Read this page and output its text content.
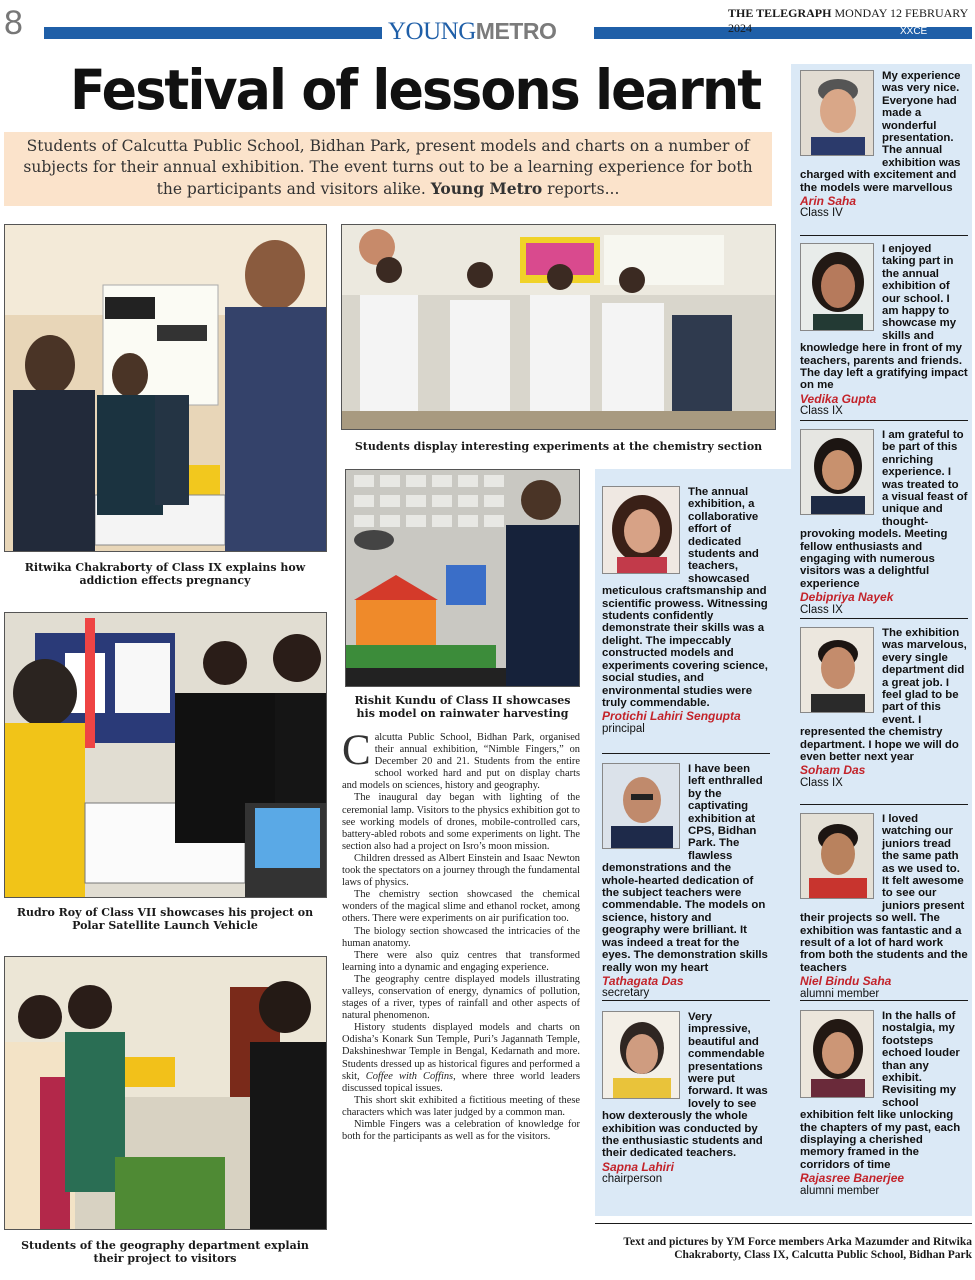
8	YOUNGMETRO
THE TELEGRAPH MONDAY 12 FEBRUARY 2024	XXCE
Festival of lessons learnt
Students of Calcutta Public School, Bidhan Park, present models and charts on a number of subjects for their annual exhibition. The event turns out to be a learning experience for both the participants and visitors alike. Young Metro reports...
Ritwika Chakraborty of Class IX explains how addiction effects pregnancy
Students display interesting experiments at the chemistry section
Rishit Kundu of Class II showcases his model on rainwater harvesting
Rudro Roy of Class VII showcases his project on Polar Satellite Launch Vehicle
Students of the geography department explain their project to visitors

Calcutta Public School, Bidhan Park, organised their annual exhibition, “Nimble Fingers,” on December 20 and 21. Students from the entire school worked hard and put on display charts and models on sciences, history and geography.

The inaugural day began with lighting of the ceremonial lamp. Visitors to the physics exhibition got to see working models of drones, mobile-controlled cars, battery-abled robots and some experiments on light. The section also had a project on Isro’s moon mission.

Children dressed as Albert Einstein and Isaac Newton took the spectators on a journey through the fundamental laws of physics.

The chemistry section showcased the chemical wonders of the magical slime and ethanol rocket, among others. There were experiments on air purification too.

The biology section showcased the intricacies of the human anatomy.

There were also quiz centres that transformed learning into a dynamic and engaging experience.

The geography centre displayed models illustrating valleys, conservation of energy, dynamics of pollution, stages of a river, types of rainfall and other aspects of natural phenomenon.

History students displayed models and charts on Odisha’s Konark Sun Temple, Puri’s Jagannath Temple, Dakshineshwar Temple in Bengal, Kedarnath and more. Students dressed up as historical figures and performed a skit, Coffee with Coffins, where three world leaders discussed topical issues.

This short skit exhibited a fictitious meeting of these characters which was later judged by a common man.

Nimble Fingers was a celebration of knowledge for both for the participants as well as for the visitors.

The annual exhibition, a collaborative effort of dedicated students and teachers, showcased meticulous craftsmanship and scientific prowess. Witnessing students confidently demonstrate their skills was a delight. The impeccably constructed models and experiments covering science, social studies, and environmental studies were truly commendable.
Protichi Lahiri Sengupta
principal
I have been left enthralled by the captivating exhibition at CPS, Bidhan Park. The flawless demonstrations and the whole-hearted dedication of the subject teachers were commendable. The models on science, history and geography were brilliant. It was indeed a treat for the eyes. The demonstration skills really won my heart
Tathagata Das
secretary
Very impressive, beautiful and commendable presentations were put forward. It was lovely to see how dexterously the whole exhibition was conducted by the enthusiastic students and their dedicated teachers.
Sapna Lahiri
chairperson
My experience was very nice. Everyone had made a wonderful presentation. The annual exhibition was charged with excitement and the models were marvellous
Arin Saha
Class IV
I enjoyed taking part in the annual exhibition of our school. I am happy to showcase my skills and knowledge here in front of my teachers, parents and friends. The day left a gratifying impact on me
Vedika Gupta
Class IX
I am grateful to be part of this enriching experience. I was treated to a visual feast of unique and thought-provoking models. Meeting fellow enthusiasts and engaging with numerous visitors was a delightful experience
Debipriya Nayek
Class IX
The exhibition was marvelous, every single department did a great job. I feel glad to be part of this event. I represented the chemistry department. I hope we will do even better next year
Soham Das
Class IX
I loved watching our juniors tread the same path as we used to. It felt awesome to see our juniors present their projects so well. The exhibition was fantastic and a result of a lot of hard work from both the students and the teachers
Niel Bindu Saha
alumni member
In the halls of nostalgia, my footsteps echoed louder than any exhibit. Revisiting my school exhibition felt like unlocking the chapters of my past, each displaying a cherished memory framed in the corridors of time
Rajasree Banerjee
alumni member
Text and pictures by YM Force members Arka Mazumder and Ritwika Chakraborty, Class IX, Calcutta Public School, Bidhan Park
